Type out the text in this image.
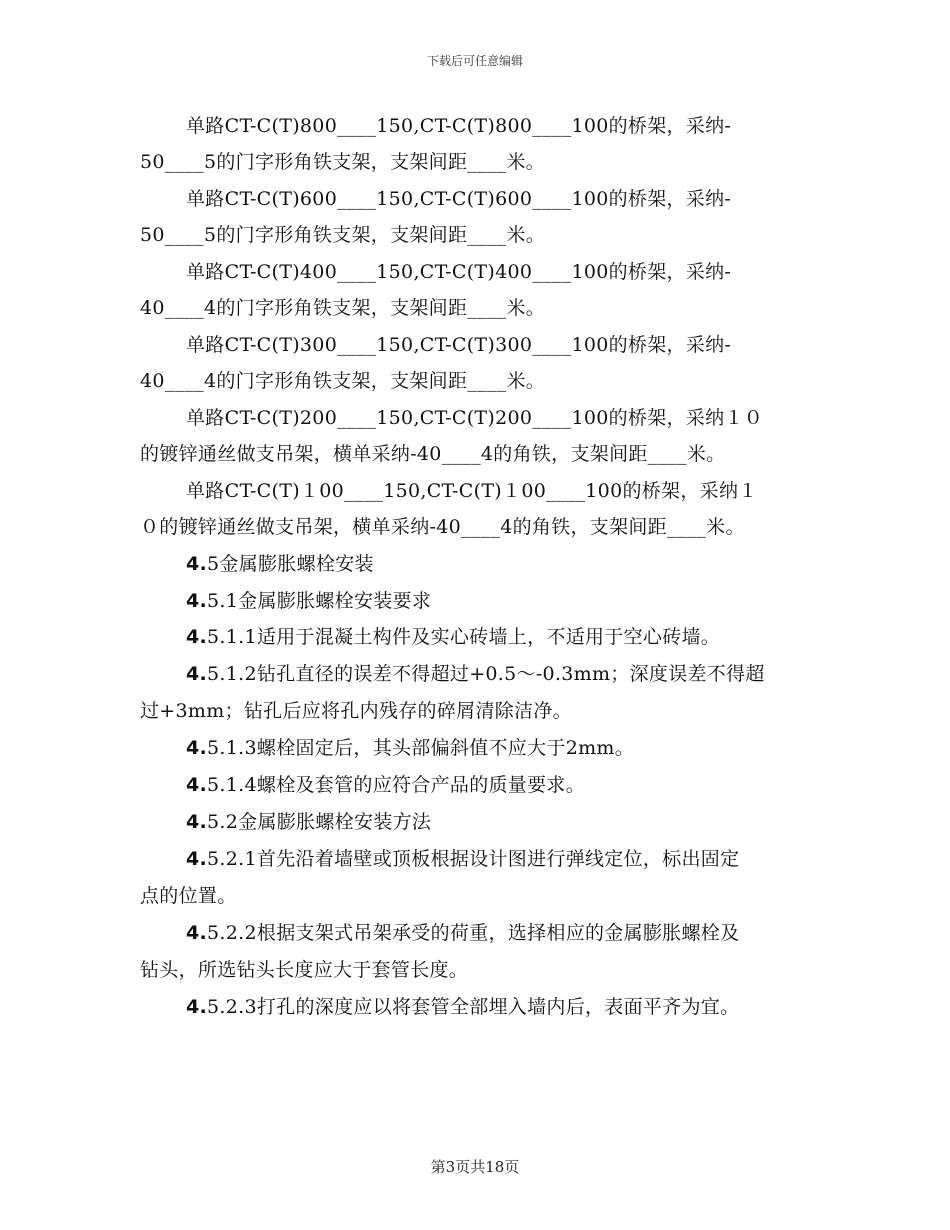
下载后可任意编辑
单路CT-C(T)800____150,CT-C(T)800____100的桥架，采纳-
50____5的门字形角铁支架，支架间距____米。
单路CT-C(T)600____150,CT-C(T)600____100的桥架，采纳-
50____5的门字形角铁支架，支架间距____米。
单路CT-C(T)400____150,CT-C(T)400____100的桥架，采纳-
40____4的门字形角铁支架，支架间距____米。
单路CT-C(T)300____150,CT-C(T)300____100的桥架，采纳-
40____4的门字形角铁支架，支架间距____米。
单路CT-C(T)200____150,CT-C(T)200____100的桥架，采纳１０
的镀锌通丝做支吊架，横单采纳-40____4的角铁，支架间距____米。
单路CT-C(T)１00____150,CT-C(T)１00____100的桥架，采纳１
０的镀锌通丝做支吊架，横单采纳-40____4的角铁，支架间距____米。
4.5金属膨胀螺栓安装
4.5.1金属膨胀螺栓安装要求
4.5.1.1适用于混凝土构件及实心砖墙上，不适用于空心砖墙。
4.5.1.2钻孔直径的误差不得超过+0.5～-0.3mm；深度误差不得超
过+3mm；钻孔后应将孔内残存的碎屑清除洁净。
4.5.1.3螺栓固定后，其头部偏斜值不应大于2mm。
4.5.1.4螺栓及套管的应符合产品的质量要求。
4.5.2金属膨胀螺栓安装方法
4.5.2.1首先沿着墙壁或顶板根据设计图进行弹线定位，标出固定
点的位置。
4.5.2.2根据支架式吊架承受的荷重，选择相应的金属膨胀螺栓及
钻头，所选钻头长度应大于套管长度。
4.5.2.3打孔的深度应以将套管全部埋入墙内后，表面平齐为宜。
第3页共18页
